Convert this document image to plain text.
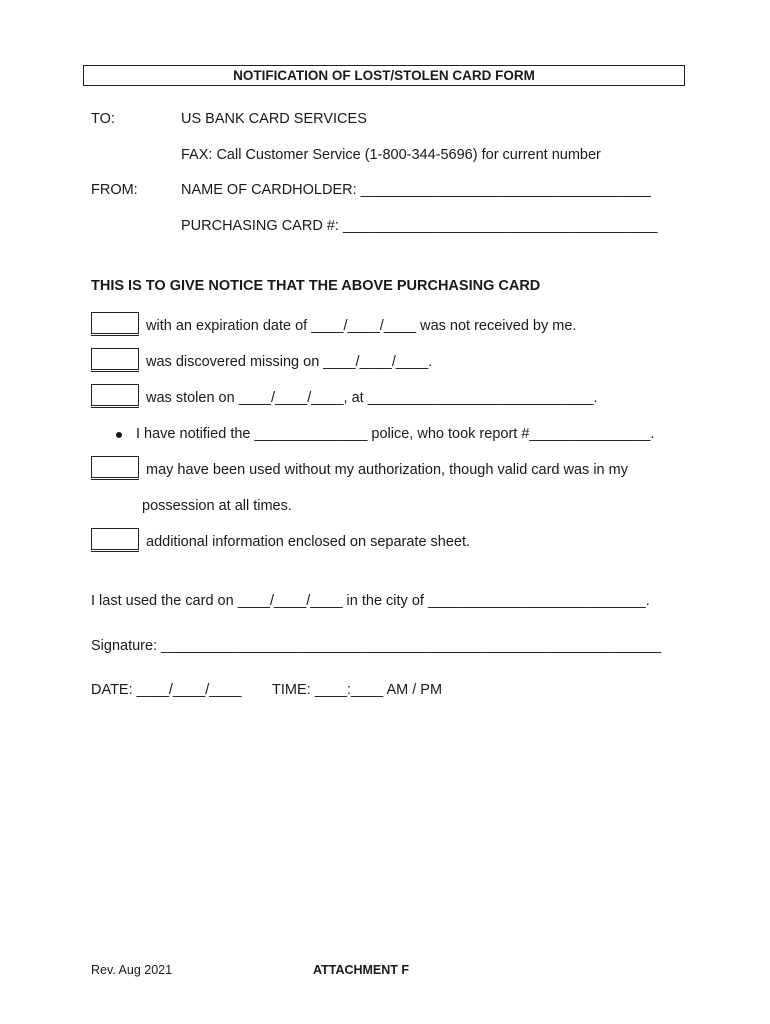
NOTIFICATION OF LOST/STOLEN CARD FORM
TO:	US BANK CARD SERVICES
FAX: Call Customer Service (1-800-344-5696) for current number
FROM:	NAME OF CARDHOLDER: ____________________________________
PURCHASING CARD #: _______________________________________
THIS IS TO GIVE NOTICE THAT THE ABOVE PURCHASING CARD
with an expiration date of ____/____/____ was not received by me.
was discovered missing on ____/____/____.
was stolen on ____/____/____, at ____________________________.
I have notified the ______________ police, who took report #_______________.
may have been used without my authorization, though valid card was in my
possession at all times.
additional information enclosed on separate sheet.
I last used the card on ____/____/____ in the city of ___________________________.
Signature: ______________________________________________________________
DATE: ____/____/____ TIME: ____:____ AM / PM
Rev. Aug 2021	ATTACHMENT F
